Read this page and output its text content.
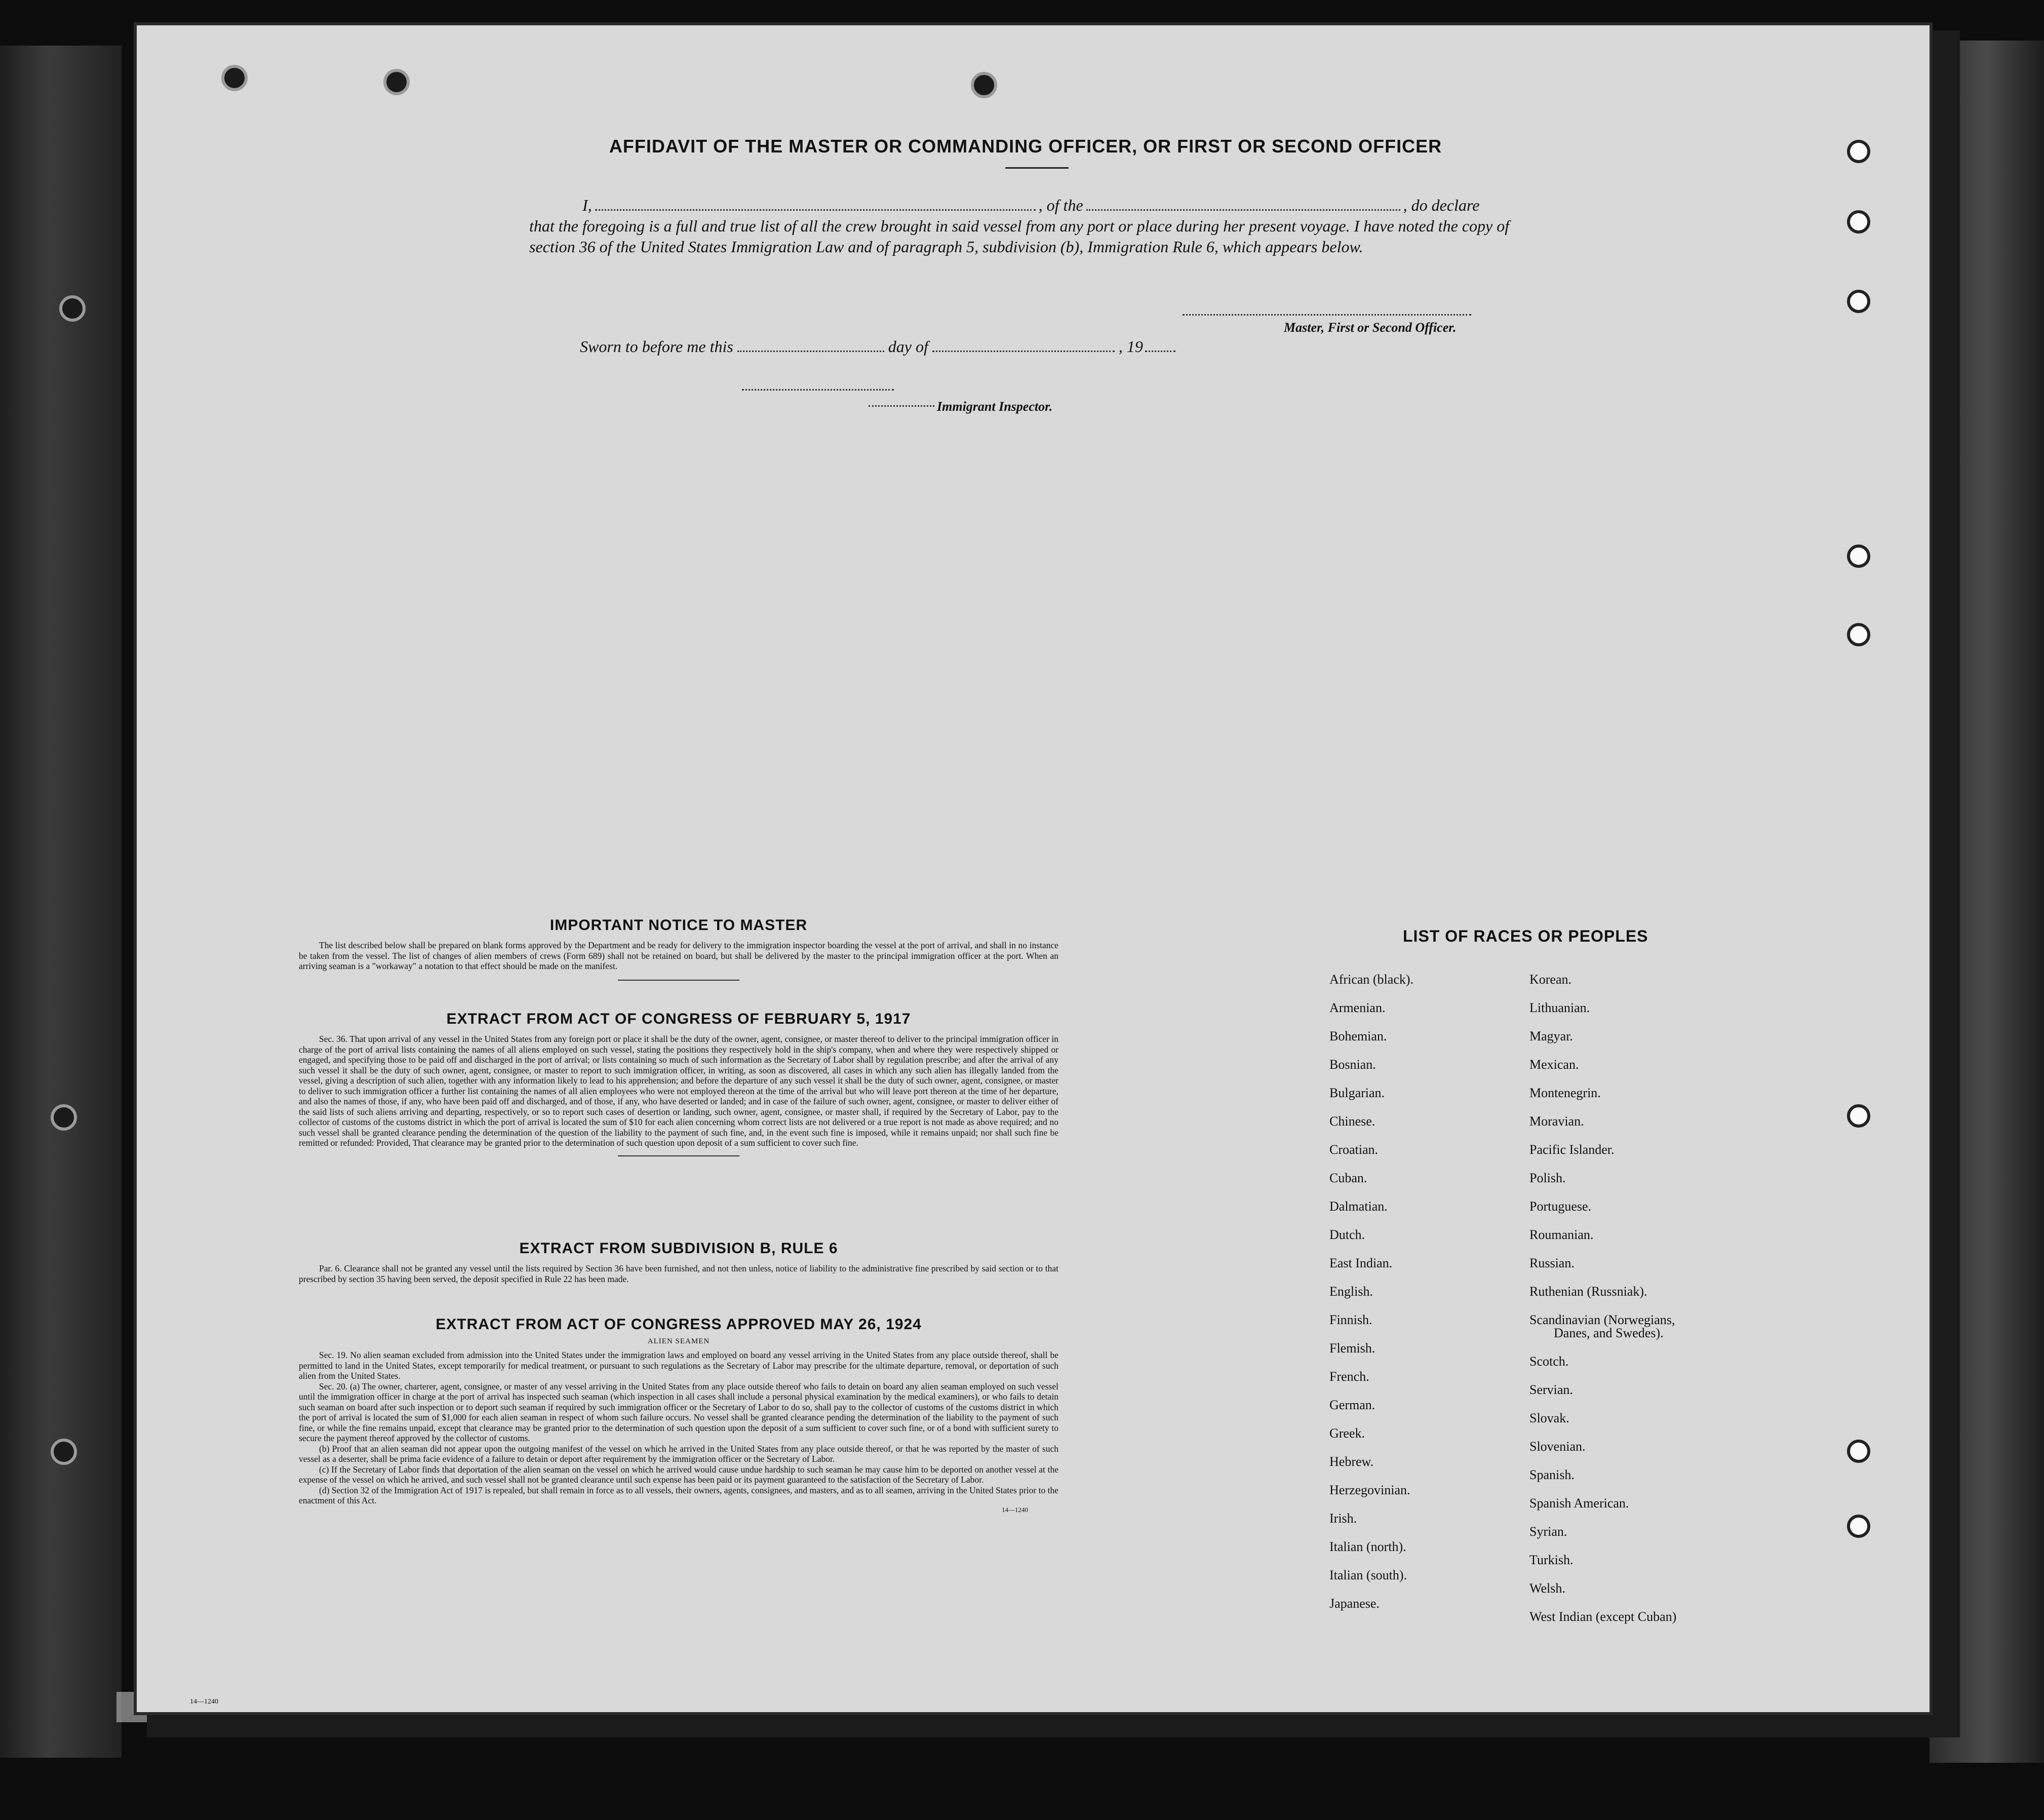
AFFIDAVIT OF THE MASTER OR COMMANDING OFFICER, OR FIRST OR SECOND OFFICER
I,	, of the	, do declare
that the foregoing is a full and true list of all the crew brought in said vessel from any port or place during her present voyage. I have noted the copy of section 36 of the United States Immigration Law and of paragraph 5, subdivision (b), Immigration Rule 6, which appears below.
Master, First or Second Officer.
Sworn to before me this	day of	, 19
Immigrant Inspector.
IMPORTANT NOTICE TO MASTER
The list described below shall be prepared on blank forms approved by the Department and be ready for delivery to the immigration inspector boarding the vessel at the port of arrival, and shall in no instance be taken from the vessel. The list of changes of alien members of crews (Form 689) shall not be retained on board, but shall be delivered by the master to the principal immigration officer at the port. When an arriving seaman is a "workaway" a notation to that effect should be made on the manifest.
EXTRACT FROM ACT OF CONGRESS OF FEBRUARY 5, 1917
Sec. 36. That upon arrival of any vessel in the United States from any foreign port or place it shall be the duty of the owner, agent, consignee, or master thereof to deliver to the principal immigration officer in charge of the port of arrival lists containing the names of all aliens employed on such vessel, stating the positions they respectively hold in the ship's company, when and where they were respectively shipped or engaged, and specifying those to be paid off and discharged in the port of arrival; or lists containing so much of such information as the Secretary of Labor shall by regulation prescribe; and after the arrival of any such vessel it shall be the duty of such owner, agent, consignee, or master to report to such immigration officer, in writing, as soon as discovered, all cases in which any such alien has illegally landed from the vessel, giving a description of such alien, together with any information likely to lead to his apprehension; and before the departure of any such vessel it shall be the duty of such owner, agent, consignee, or master to deliver to such immigration officer a further list containing the names of all alien employees who were not employed thereon at the time of the arrival but who will leave port thereon at the time of her departure, and also the names of those, if any, who have been paid off and discharged, and of those, if any, who have deserted or landed; and in case of the failure of such owner, agent, consignee, or master to deliver either of the said lists of such aliens arriving and departing, respectively, or so to report such cases of desertion or landing, such owner, agent, consignee, or master shall, if required by the Secretary of Labor, pay to the collector of customs of the customs district in which the port of arrival is located the sum of $10 for each alien concerning whom correct lists are not delivered or a true report is not made as above required; and no such vessel shall be granted clearance pending the determination of the question of the liability to the payment of such fine, and, in the event such fine is imposed, while it remains unpaid; nor shall such fine be remitted or refunded: Provided, That clearance may be granted prior to the determination of such question upon deposit of a sum sufficient to cover such fine.
EXTRACT FROM SUBDIVISION B, RULE 6
Par. 6. Clearance shall not be granted any vessel until the lists required by Section 36 have been furnished, and not then unless, notice of liability to the administrative fine prescribed by said section or to that prescribed by section 35 having been served, the deposit specified in Rule 22 has been made.
EXTRACT FROM ACT OF CONGRESS APPROVED MAY 26, 1924
ALIEN SEAMEN
Sec. 19. No alien seaman excluded from admission into the United States under the immigration laws and employed on board any vessel arriving in the United States from any place outside thereof, shall be permitted to land in the United States, except temporarily for medical treatment, or pursuant to such regulations as the Secretary of Labor may prescribe for the ultimate departure, removal, or deportation of such alien from the United States.
Sec. 20. (a) The owner, charterer, agent, consignee, or master of any vessel arriving in the United States from any place outside thereof who fails to detain on board any alien seaman employed on such vessel until the immigration officer in charge at the port of arrival has inspected such seaman (which inspection in all cases shall include a personal physical examination by the medical examiners), or who fails to detain such seaman on board after such inspection or to deport such seaman if required by such immigration officer or the Secretary of Labor to do so, shall pay to the collector of customs of the customs district in which the port of arrival is located the sum of $1,000 for each alien seaman in respect of whom such failure occurs. No vessel shall be granted clearance pending the determination of the liability to the payment of such fine, or while the fine remains unpaid, except that clearance may be granted prior to the determination of such question upon the deposit of a sum sufficient to cover such fine, or of a bond with sufficient surety to secure the payment thereof approved by the collector of customs.
(b) Proof that an alien seaman did not appear upon the outgoing manifest of the vessel on which he arrived in the United States from any place outside thereof, or that he was reported by the master of such vessel as a deserter, shall be prima facie evidence of a failure to detain or deport after requirement by the immigration officer or the Secretary of Labor.
(c) If the Secretary of Labor finds that deportation of the alien seaman on the vessel on which he arrived would cause undue hardship to such seaman he may cause him to be deported on another vessel at the expense of the vessel on which he arrived, and such vessel shall not be granted clearance until such expense has been paid or its payment guaranteed to the satisfaction of the Secretary of Labor.
(d) Section 32 of the Immigration Act of 1917 is repealed, but shall remain in force as to all vessels, their owners, agents, consignees, and masters, and as to all seamen, arriving in the United States prior to the enactment of this Act.
14—1240
LIST OF RACES OR PEOPLES
African (black).
Armenian.
Bohemian.
Bosnian.
Bulgarian.
Chinese.
Croatian.
Cuban.
Dalmatian.
Dutch.
East Indian.
English.
Finnish.
Flemish.
French.
German.
Greek.
Hebrew.
Herzegovinian.
Irish.
Italian (north).
Italian (south).
Japanese.
Korean.
Lithuanian.
Magyar.
Mexican.
Montenegrin.
Moravian.
Pacific Islander.
Polish.
Portuguese.
Roumanian.
Russian.
Ruthenian (Russniak).
Scandinavian (Norwegians,
Danes, and Swedes).
Scotch.
Servian.
Slovak.
Slovenian.
Spanish.
Spanish American.
Syrian.
Turkish.
Welsh.
West Indian (except Cuban)
14—1240
